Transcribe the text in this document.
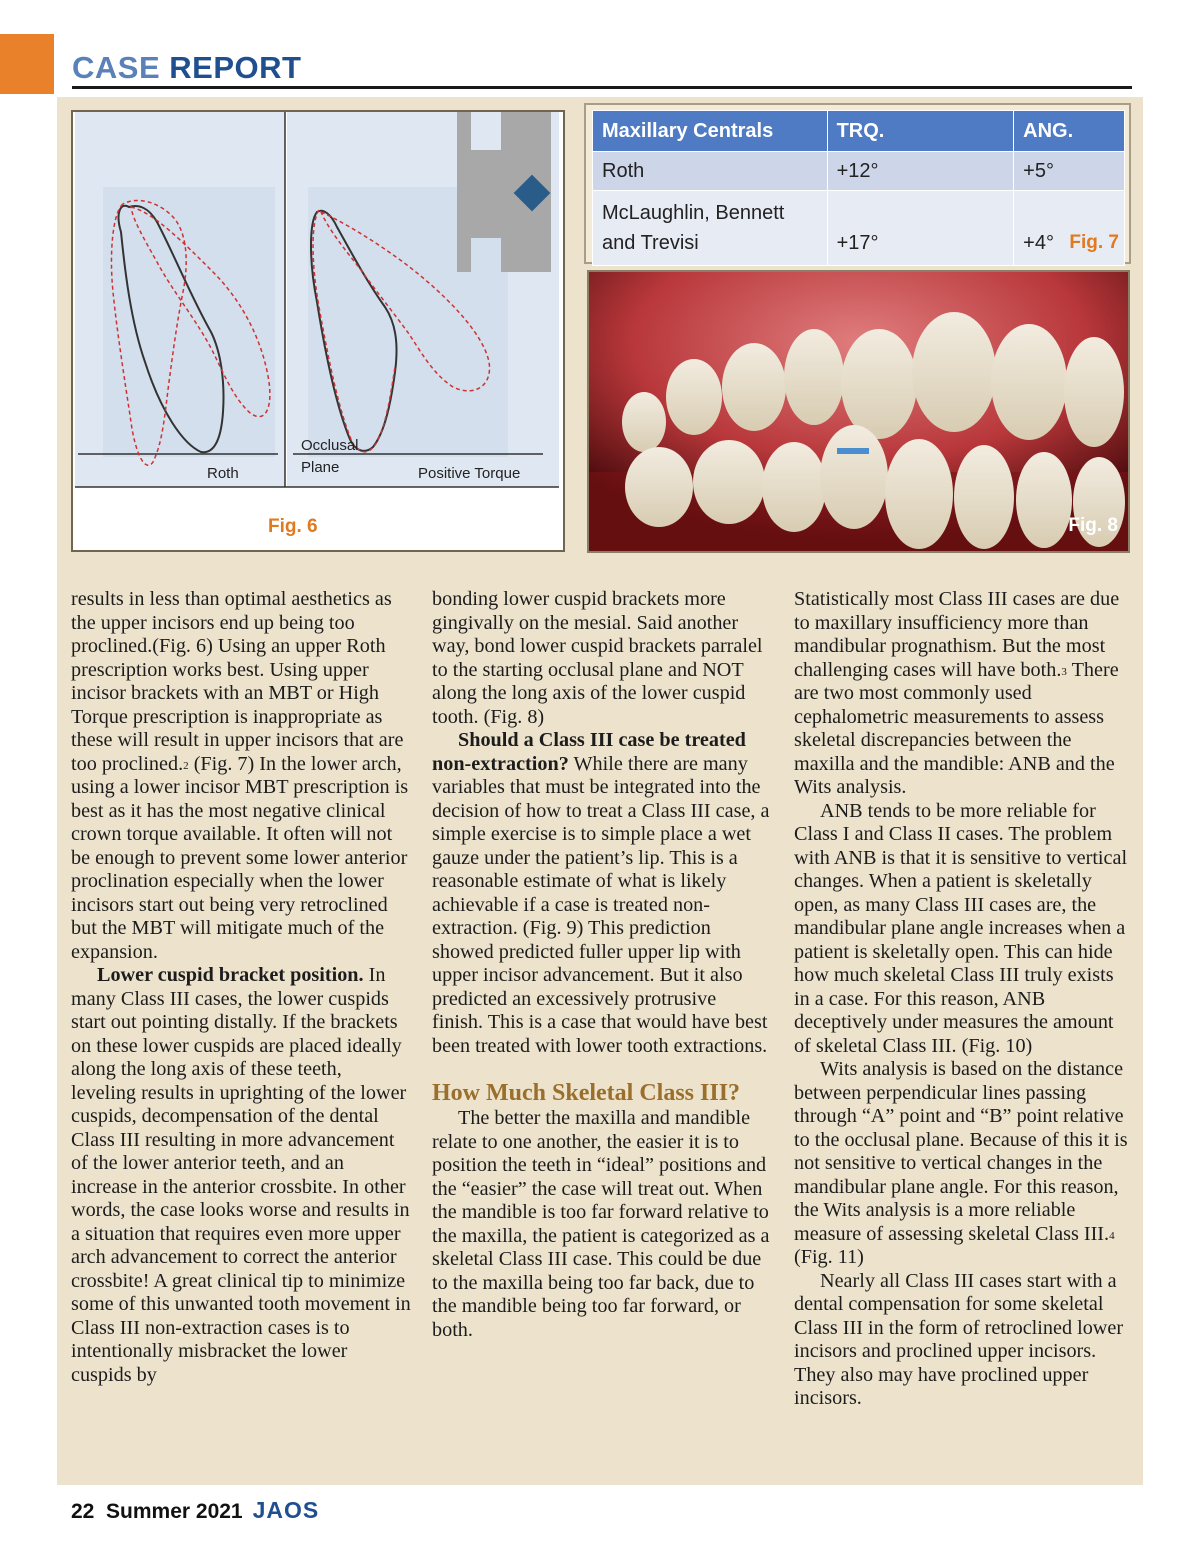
CASE REPORT
Roth
Occlusal
Plane	Positive Torque
Fig. 6
Maxillary Centrals	TRQ.	ANG.
Roth	+12°	+5°
McLaughlin, Bennett and Trevisi	+17°	+4° Fig. 7
Fig. 8

results in less than optimal aesthetics as the upper incisors end up being too proclined.(Fig. 6) Using an upper Roth prescription works best. Using upper incisor brackets with an MBT or High Torque prescription is inappropriate as these will result in upper incisors that are too proclined.$^2$ (Fig. 7) In the lower arch, using a lower incisor MBT prescription is best as it has the most negative clinical crown torque available. It often will not be enough to prevent some lower anterior proclination especially when the lower incisors start out being very retroclined but the MBT will mitigate much of the expansion.

Lower cuspid bracket position. In many Class III cases, the lower cuspids start out pointing distally. If the brackets on these lower cuspids are placed ideally along the long axis of these teeth, leveling results in uprighting of the lower cuspids, decompensation of the dental Class III resulting in more advancement of the lower anterior teeth, and an increase in the anterior crossbite. In other words, the case looks worse and results in a situation that requires even more upper arch advancement to correct the anterior crossbite! A great clinical tip to minimize some of this unwanted tooth movement in Class III non-extraction cases is to intentionally misbracket the lower cuspids by

bonding lower cuspid brackets more gingivally on the mesial. Said another way, bond lower cuspid brackets parralel to the starting occlusal plane and NOT along the long axis of the lower cuspid tooth. (Fig. 8)

Should a Class III case be treated non-extraction? While there are many variables that must be integrated into the decision of how to treat a Class III case, a simple exercise is to simple place a wet gauze under the patient’s lip. This is a reasonable estimate of what is likely achievable if a case is treated non-extraction. (Fig. 9) This prediction showed predicted fuller upper lip with upper incisor advancement. But it also predicted an excessively protrusive finish. This is a case that would have best been treated with lower tooth extractions.

How Much Skeletal Class III?

The better the maxilla and mandible relate to one another, the easier it is to position the teeth in “ideal” positions and the “easier” the case will treat out. When the mandible is too far forward relative to the maxilla, the patient is categorized as a skeletal Class III case. This could be due to the maxilla being too far back, due to the mandible being too far forward, or both.

Statistically most Class III cases are due to maxillary insufficiency more than mandibular prognathism. But the most challenging cases will have both.$^3$ There are two most commonly used cephalometric measurements to assess skeletal discrepancies between the maxilla and the mandible: ANB and the Wits analysis.

ANB tends to be more reliable for Class I and Class II cases. The problem with ANB is that it is sensitive to vertical changes. When a patient is skeletally open, as many Class III cases are, the mandibular plane angle increases when a patient is skeletally open. This can hide how much skeletal Class III truly exists in a case. For this reason, ANB deceptively under measures the amount of skeletal Class III. (Fig. 10)

Wits analysis is based on the distance between perpendicular lines passing through “A” point and “B” point relative to the occlusal plane. Because of this it is not sensitive to vertical changes in the mandibular plane angle. For this reason, the Wits analysis is a more reliable measure of assessing skeletal Class III.$^4$ (Fig. 11)

Nearly all Class III cases start with a dental compensation for some skeletal Class III in the form of retroclined lower incisors and proclined upper incisors. They also may have proclined upper incisors.

22 Summer 2021 JAOS
